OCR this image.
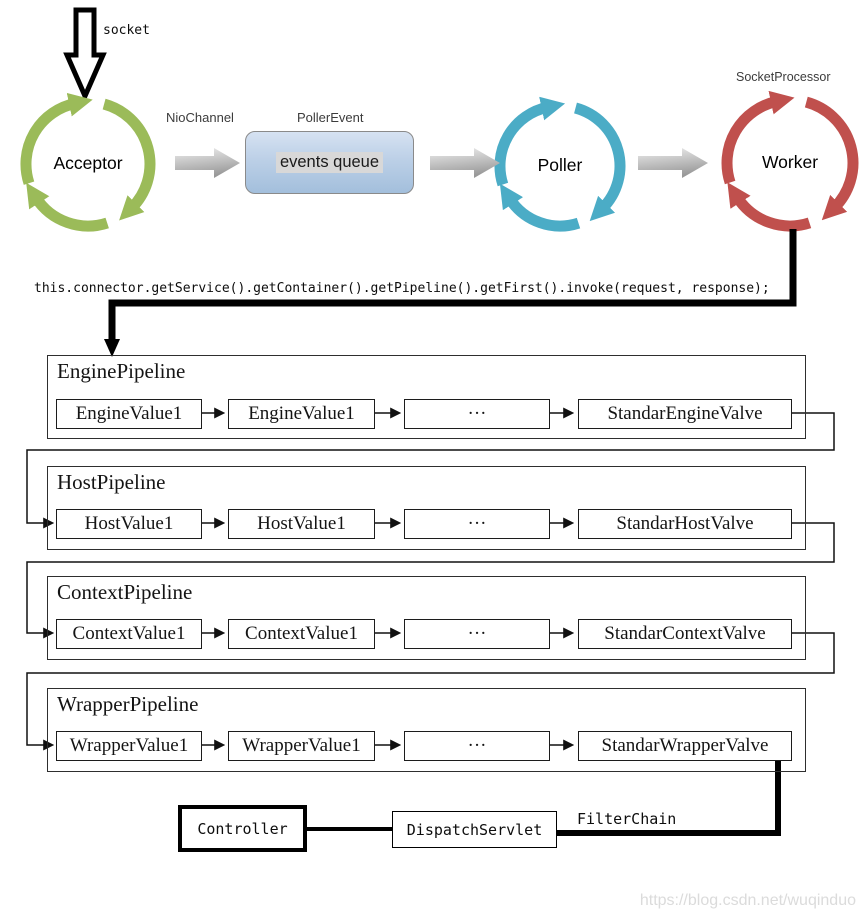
socket
Acceptor
NioChannel	PollerEvent
events queue	Poller
SocketProcessor
Worker
this.connector.getService().getContainer().getPipeline().getFirst().invoke(request, response);
EnginePipeline
EngineValue1	EngineValue1	···	StandarEngineValve
HostPipeline
HostValue1	HostValue1	···	StandarHostValve
ContextPipeline
ContextValue1	ContextValue1	···	StandarContextValve
WrapperPipeline
WrapperValue1	WrapperValue1	···	StandarWrapperValve
Controller	DispatchServlet
FilterChain
https://blog.csdn.net/wuqinduo
